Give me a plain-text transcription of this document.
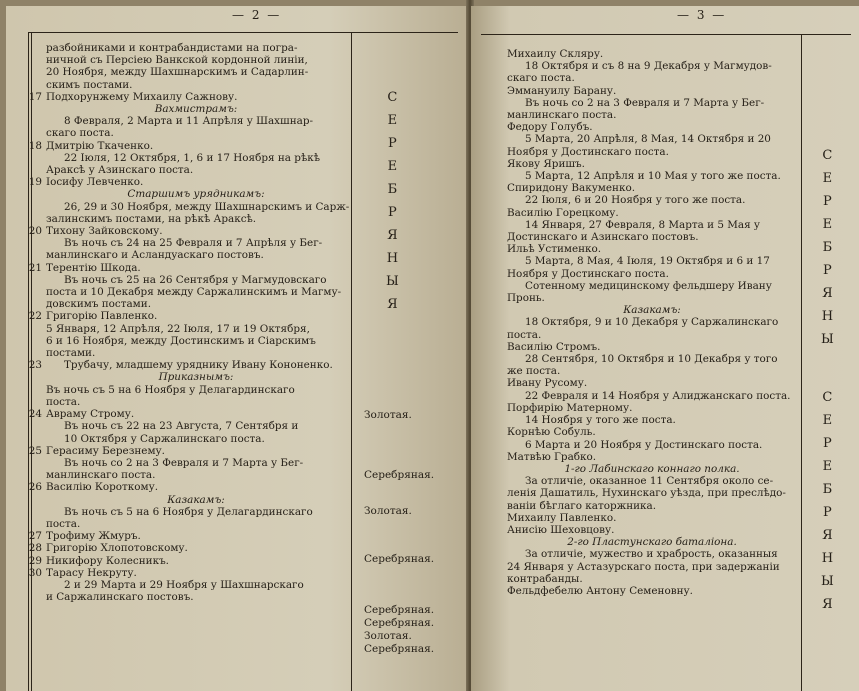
— 2 —
разбойниками и контрабандистами на погра-
ничной съ Персіею Ванкской кордонной линіи,
20 Ноября, между Шахшнарскимъ и Садарлин-
скимъ постами.
17 Подхорунжему Михаилу Сажнову.
Вахмистрамъ:
8 Февраля, 2 Марта и 11 Апрѣля у Шахшнар-
скаго поста.
18 Дмитрію Ткаченко.
22 Іюля, 12 Октября, 1, 6 и 17 Ноября на рѣкѣ
Араксѣ у Азинскаго поста.
19 Іосифу Левченко.
Старшимъ урядникамъ:
26, 29 и 30 Ноября, между Шахшнарскимъ и Сарж-
залинскимъ постами, на рѣкѣ Араксѣ.
20 Тихону Зайковскому.
Въ ночь съ 24 на 25 Февраля и 7 Апрѣля у Бег-
манлинскаго и Асландуаскаго постовъ.
21 Терентію Шкода.
Въ ночь съ 25 на 26 Сентября у Магмудовскаго
поста и 10 Декабря между Саржалинскимъ и Магму-
довскимъ постами.
22 Григорію Павленко.
5 Января, 12 Апрѣля, 22 Іюля, 17 и 19 Октября,
6 и 16 Ноября, между Достинскимъ и Сіарскимъ
постами.
23 Трубачу, младшему уряднику Ивану Кононенко.
Приказнымъ:
Въ ночь съ 5 на 6 Ноября у Делагардинскаго
поста.
24 Авраму Строму.
Въ ночь съ 22 на 23 Августа, 7 Сентября и
10 Октября у Саржалинскаго поста.
25 Герасиму Березнему.
Въ ночь со 2 на 3 Февраля и 7 Марта у Бег-
манлинскаго поста.
26 Василію Короткому.
Казакамъ:
Въ ночь съ 5 на 6 Ноября у Делагардинскаго
поста.
27 Трофиму Жмуръ.
28 Григорію Хлопотовскому.
29 Никифору Колесникъ.
30 Тарасу Некруту.
2 и 29 Марта и 29 Ноября у Шахшнарскаго
и Саржалинскаго постовъ.
С
Е
Р
Е
Б
Р
Я
Н
Ы
Я
Золотая.
Серебряная.
Золотая.
Серебряная.
Серебряная.
Серебряная.
Золотая.
Серебряная.
— 3 —
Михаилу Скляру.
18 Октября и съ 8 на 9 Декабря у Магмудов-
скаго поста.
Эммануилу Барану.
Въ ночь со 2 на 3 Февраля и 7 Марта у Бег-
манлинскаго поста.
Федору Голубъ.
5 Марта, 20 Апрѣля, 8 Мая, 14 Октября и 20
Ноября у Достинскаго поста.
Якову Яришъ.
5 Марта, 12 Апрѣля и 10 Мая у того же поста.
Спиридону Вакуменко.
22 Іюля, 6 и 20 Ноября у того же поста.
Василію Горецкому.
14 Января, 27 Февраля, 8 Марта и 5 Мая у
Достинскаго и Азинскаго постовъ.
Ильѣ Устименко.
5 Марта, 8 Мая, 4 Іюля, 19 Октября и 6 и 17
Ноября у Достинскаго поста.
Сотенному медицинскому фельдшеру Ивану
Пронь.
Казакамъ:
18 Октября, 9 и 10 Декабря у Саржалинскаго
поста.
Василію Стромъ.
28 Сентября, 10 Октября и 10 Декабря у того
же поста.
Ивану Русому.
22 Февраля и 14 Ноября у Алиджанскаго поста.
Порфирію Матерному.
14 Ноября у того же поста.
Корнѣю Собуль.
6 Марта и 20 Ноября у Достинскаго поста.
Матвѣю Грабко.
1-го Лабинскаго коннаго полка.
За отличіе, оказанное 11 Сентября около се-
ленія Дашатиль, Нухинскаго уѣзда, при преслѣдо-
ваніи бѣглаго каторжника.
Михаилу Павленко.
Анисію Шеховцову.
2-го Пластунскаго баталіона.
За отличіе, мужество и храбрость, оказанныя
24 Января у Астазурскаго поста, при задержаніи
контрабанды.
Фельдфебелю Антону Семеновну.
С
Е
Р
Е
Б
Р
Я
Н
Ы
С
Е
Р
Е
Б
Р
Я
Н
Ы
Я
